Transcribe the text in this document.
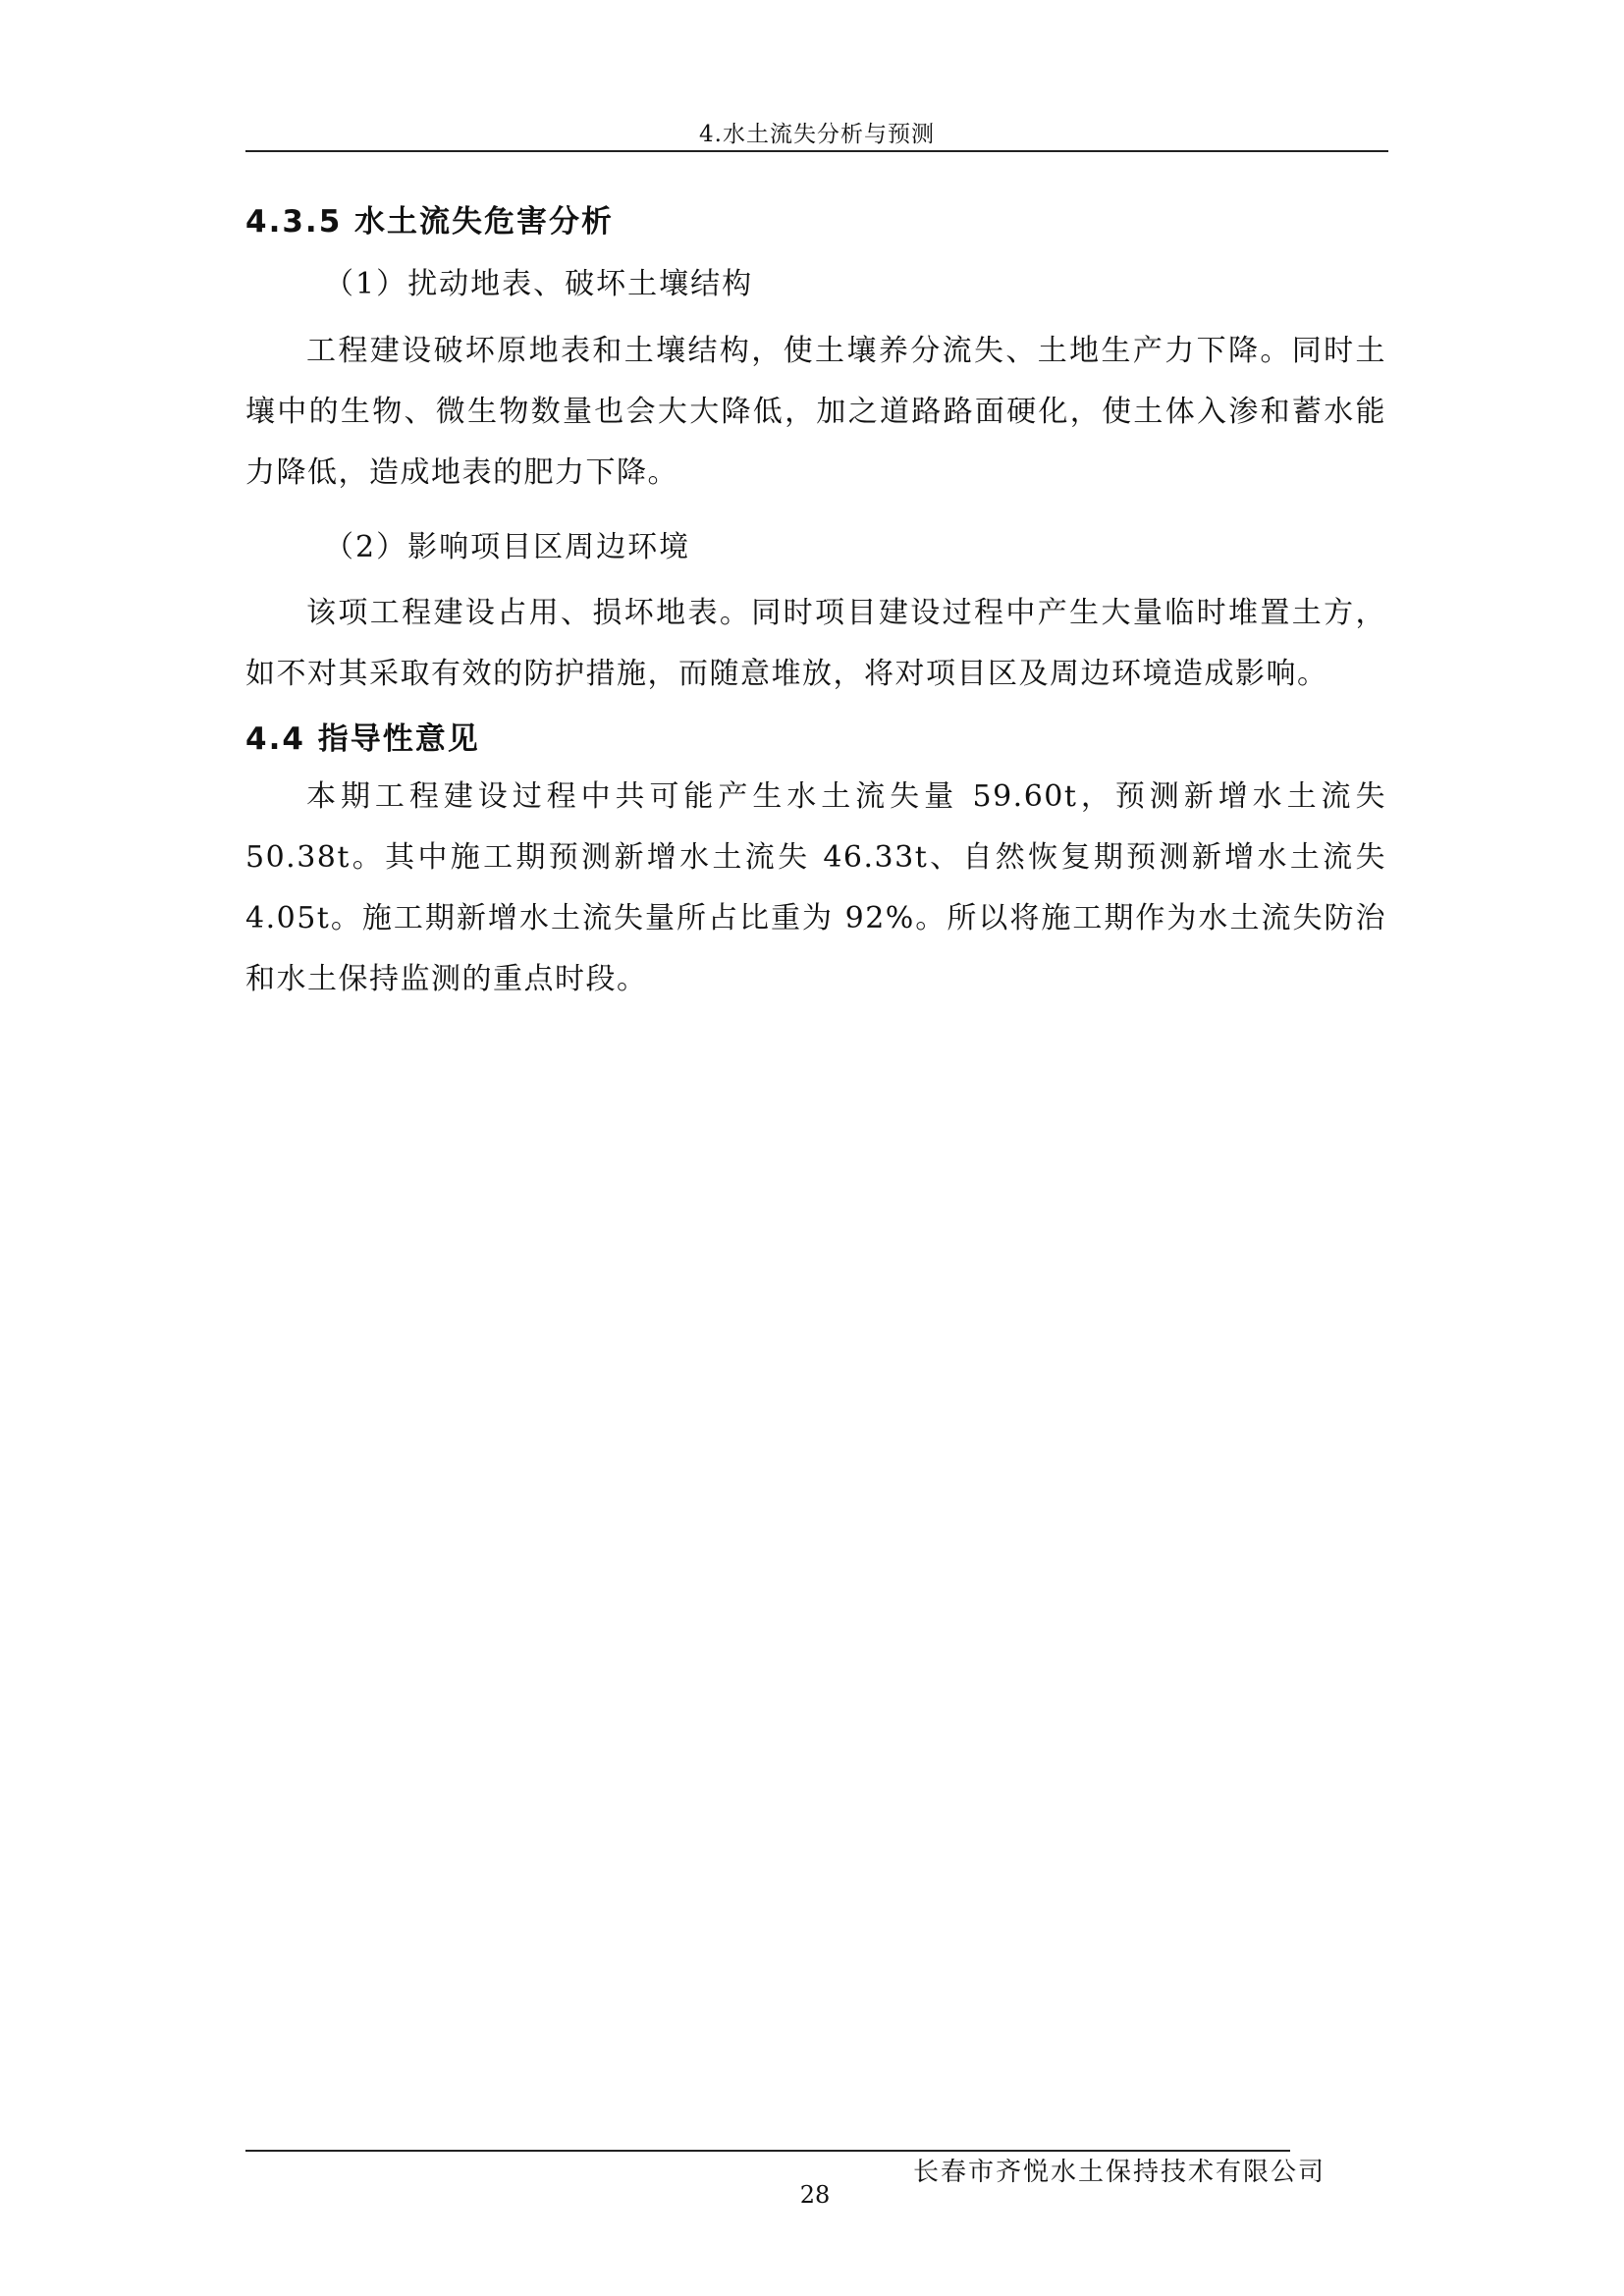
4.水土流失分析与预测
4.3.5 水土流失危害分析
（1）扰动地表、破坏土壤结构
工程建设破坏原地表和土壤结构，使土壤养分流失、土地生产力下降。同时土壤中的生物、微生物数量也会大大降低，加之道路路面硬化，使土体入渗和蓄水能力降低，造成地表的肥力下降。
（2）影响项目区周边环境
该项工程建设占用、损坏地表。同时项目建设过程中产生大量临时堆置土方，如不对其采取有效的防护措施，而随意堆放，将对项目区及周边环境造成影响。
4.4 指导性意见
本期工程建设过程中共可能产生水土流失量 59.60t，预测新增水土流失 50.38t。其中施工期预测新增水土流失 46.33t、自然恢复期预测新增水土流失 4.05t。施工期新增水土流失量所占比重为 92%。所以将施工期作为水土流失防治和水土保持监测的重点时段。
长春市齐悦水土保持技术有限公司
28
